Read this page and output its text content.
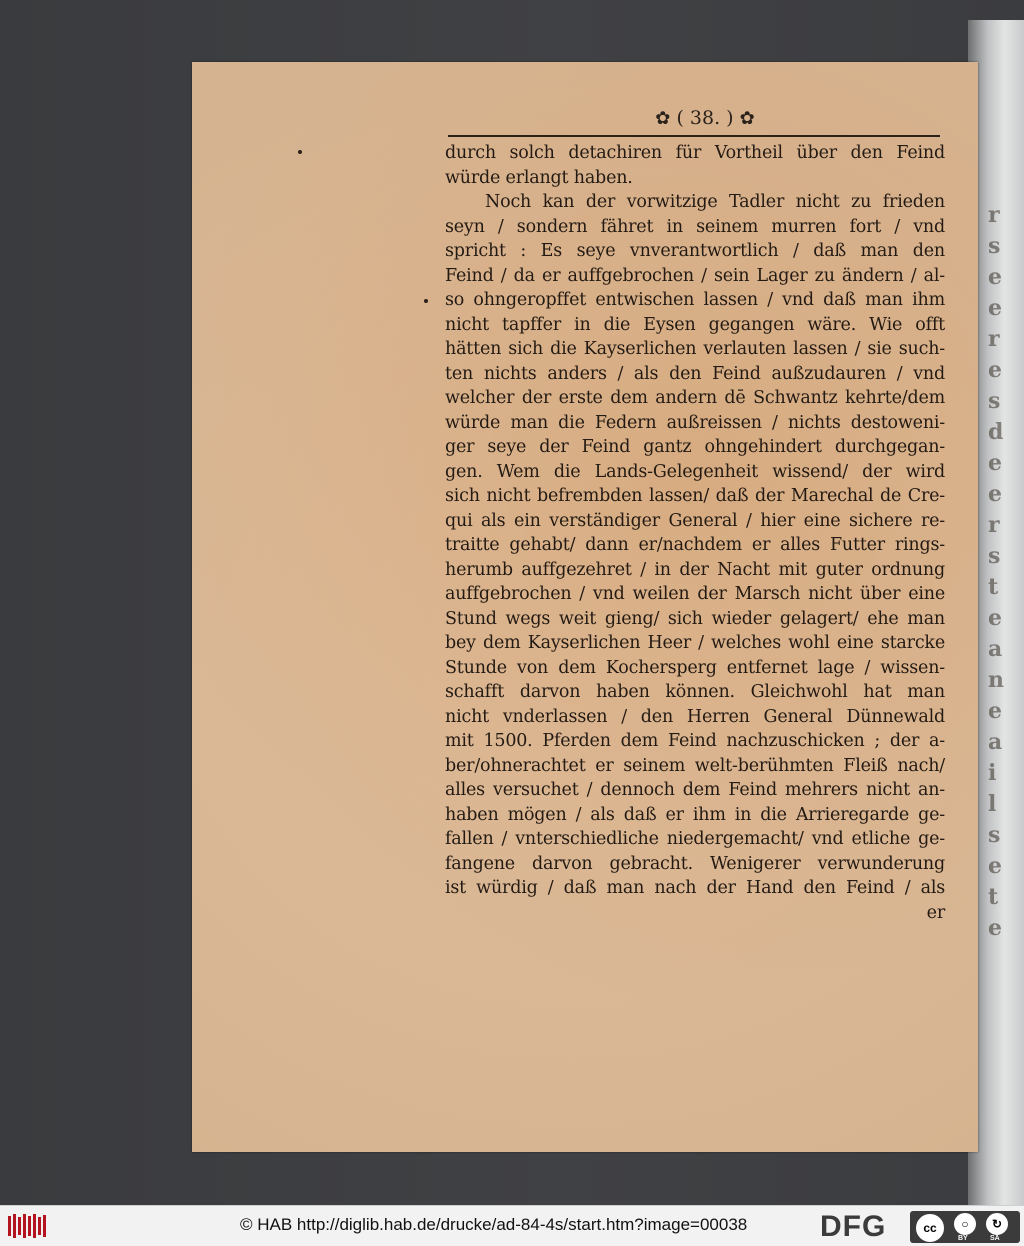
r
s
e
e
r
e
s
d
e
e
r
s
t
e
a
n
e
a
i
l
s
e
t
e
✿ ( 38. ) ✿
durch solch detachiren für Vortheil über den Feind
würde erlangt haben.
Noch kan der vorwitzige Tadler nicht zu frieden
seyn / sondern fähret in seinem murren fort / vnd
spricht : Es seye vnverantwortlich / daß man den
Feind / da er auffgebrochen / sein Lager zu ändern / al-
so ohngeropffet entwischen lassen / vnd daß man ihm
nicht tapffer in die Eysen gegangen wäre. Wie offt
hätten sich die Kayserlichen verlauten lassen / sie such-
ten nichts anders / als den Feind außzudauren / vnd
welcher der erste dem andern dē Schwantz kehrte/dem
würde man die Federn außreissen / nichts destoweni-
ger seye der Feind gantz ohngehindert durchgegan-
gen. Wem die Lands-Gelegenheit wissend/ der wird
sich nicht befrembden lassen/ daß der Marechal de Cre-
qui als ein verständiger General / hier eine sichere re-
traitte gehabt/ dann er/nachdem er alles Futter rings-
herumb auffgezehret / in der Nacht mit guter ordnung
auffgebrochen / vnd weilen der Marsch nicht über eine
Stund wegs weit gieng/ sich wieder gelagert/ ehe man
bey dem Kayserlichen Heer / welches wohl eine starcke
Stunde von dem Kochersperg entfernet lage / wissen-
schafft darvon haben können. Gleichwohl hat man
nicht vnderlassen / den Herren General Dünnewald
mit 1500. Pferden dem Feind nachzuschicken ; der a-
ber/ohnerachtet er seinem welt-berühmten Fleiß nach/
alles versuchet / dennoch dem Feind mehrers nicht an-
haben mögen / als daß er ihm in die Arrieregarde ge-
fallen / vnterschiedliche niedergemacht/ vnd etliche ge-
fangene darvon gebracht. Wenigerer verwunderung
ist würdig / daß man nach der Hand den Feind / als
er
© HAB http://diglib.hab.de/drucke/ad-84-4s/start.htm?image=00038 DFG	cc	○	↻
BY	SA
